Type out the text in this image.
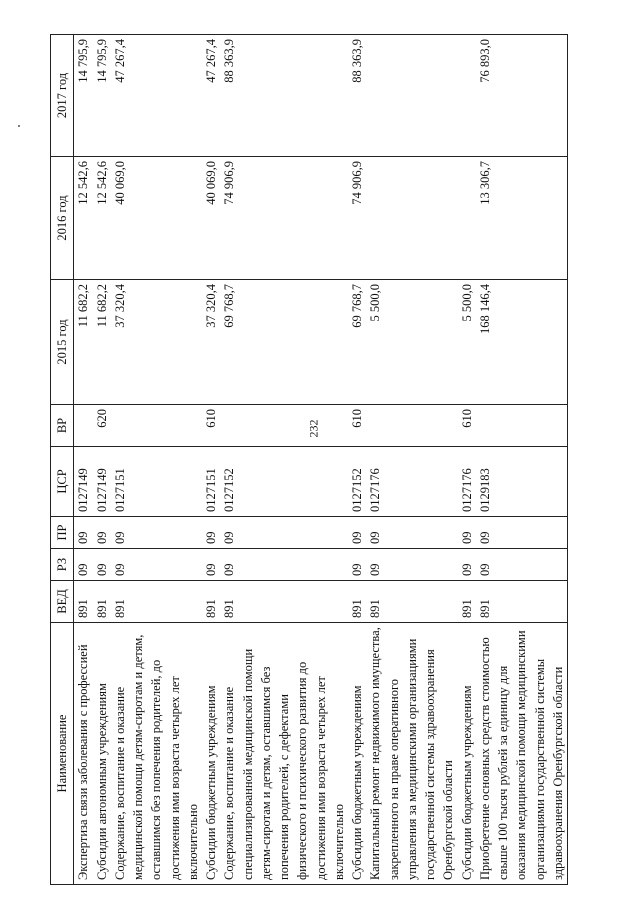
232
Наименование	ВЕД	РЗ	ПР	ЦСР	ВР	2015 год	2016 год	2017 год
Экспертиза связи заболевания с профессией	891	09	09	0127149		11 682,2	12 542,6	14 795,9
Субсидии автономным учреждениям	891	09	09	0127149	620	11 682,2	12 542,6	14 795,9
Содержание, воспитание и оказание медицинской помощи детям-сиротам и детям, оставшимся без попечения родителей, до достижения ими возраста четырех лет включительно	891	09	09	0127151		37 320,4	40 069,0	47 267,4
Субсидии бюджетным учреждениям	891	09	09	0127151	610	37 320,4	40 069,0	47 267,4
Содержание, воспитание и оказание специализированной медицинской помощи детям-сиротам и детям, оставшимся без попечения родителей, с дефектами физического и психического развития до достижения ими возраста четырех лет включительно	891	09	09	0127152		69 768,7	74 906,9	88 363,9
Субсидии бюджетным учреждениям	891	09	09	0127152	610	69 768,7	74 906,9	88 363,9
Капитальный ремонт недвижимого имущества, закрепленного на праве оперативного управления за медицинскими организациями государственной системы здравоохранения Оренбургской области	891	09	09	0127176		5 500,0		
Субсидии бюджетным учреждениям	891	09	09	0127176	610	5 500,0		
Приобретение основных средств стоимостью свыше 100 тысяч рублей за единицу для оказания медицинской помощи медицинскими организациями государственной системы здравоохранения Оренбургской области	891	09	09	0129183		168 146,4	13 306,7	76 893,0
